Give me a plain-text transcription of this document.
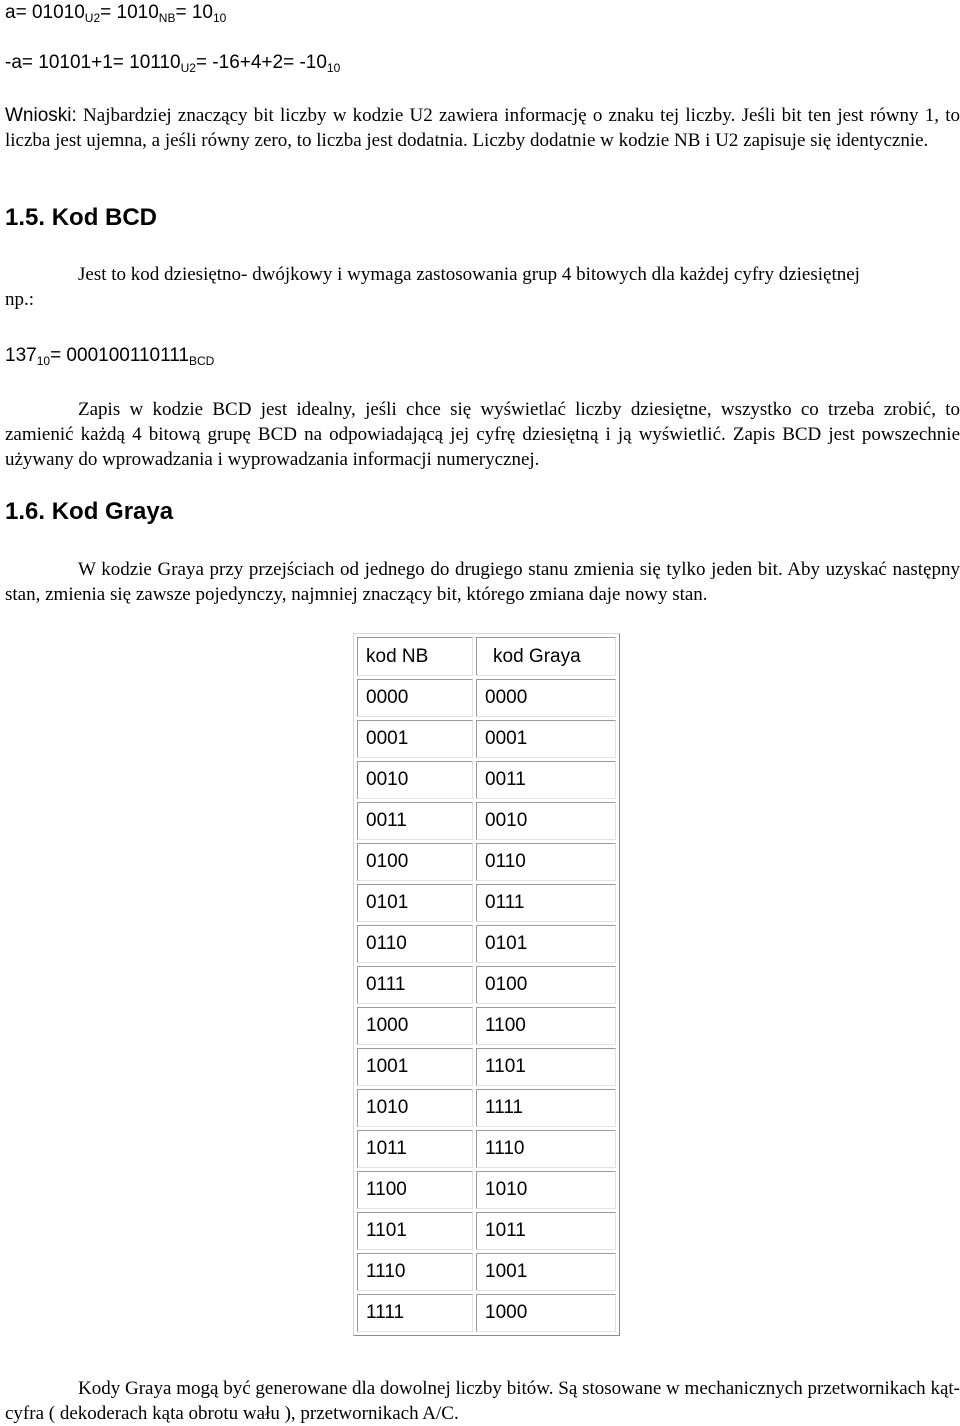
$a= 01010_{U2}= 1010_{NB}= 10_{10}$
$-a= 10101+1= 10110_{U2}= -16+4+2= -10_{10}$
Wnioski: Najbardziej znaczący bit liczby w kodzie U2 zawiera informację o znaku tej liczby. Jeśli bit ten jest równy 1, to liczba jest ujemna, a jeśli równy zero, to liczba jest dodatnia. Liczby dodatnie w kodzie NB i U2 zapisuje się identycznie.
1.5. Kod BCD
Jest to kod dziesiętno- dwójkowy i wymaga zastosowania grup 4 bitowych dla każdej cyfry dziesiętnej
np.:
$137_{10}= 000100110111_{BCD}$
Zapis w kodzie BCD jest idealny, jeśli chce się wyświetlać liczby dziesiętne, wszystko co trzeba zrobić, to zamienić każdą 4 bitową grupę BCD na odpowiadającą jej cyfrę dziesiętną i ją wyświetlić. Zapis BCD jest powszechnie używany do wprowadzania i wyprowadzania informacji numerycznej.
1.6. Kod Graya
W kodzie Graya przy przejściach od jednego do drugiego stanu zmienia się tylko jeden bit. Aby uzyskać następny stan, zmienia się zawsze pojedynczy, najmniej znaczący bit, którego zmiana daje nowy stan.
kod NB	kod Graya
0000	0000
0001	0001
0010	0011
0011	0010
0100	0110
0101	0111
0110	0101
0111	0100
1000	1100
1001	1101
1010	1111
1011	1110
1100	1010
1101	1011
1110	1001
1111	1000
Kody Graya mogą być generowane dla dowolnej liczby bitów. Są stosowane w mechanicznych przetwornikach kąt- cyfra ( dekoderach kąta obrotu wału ), przetwornikach A/C.
